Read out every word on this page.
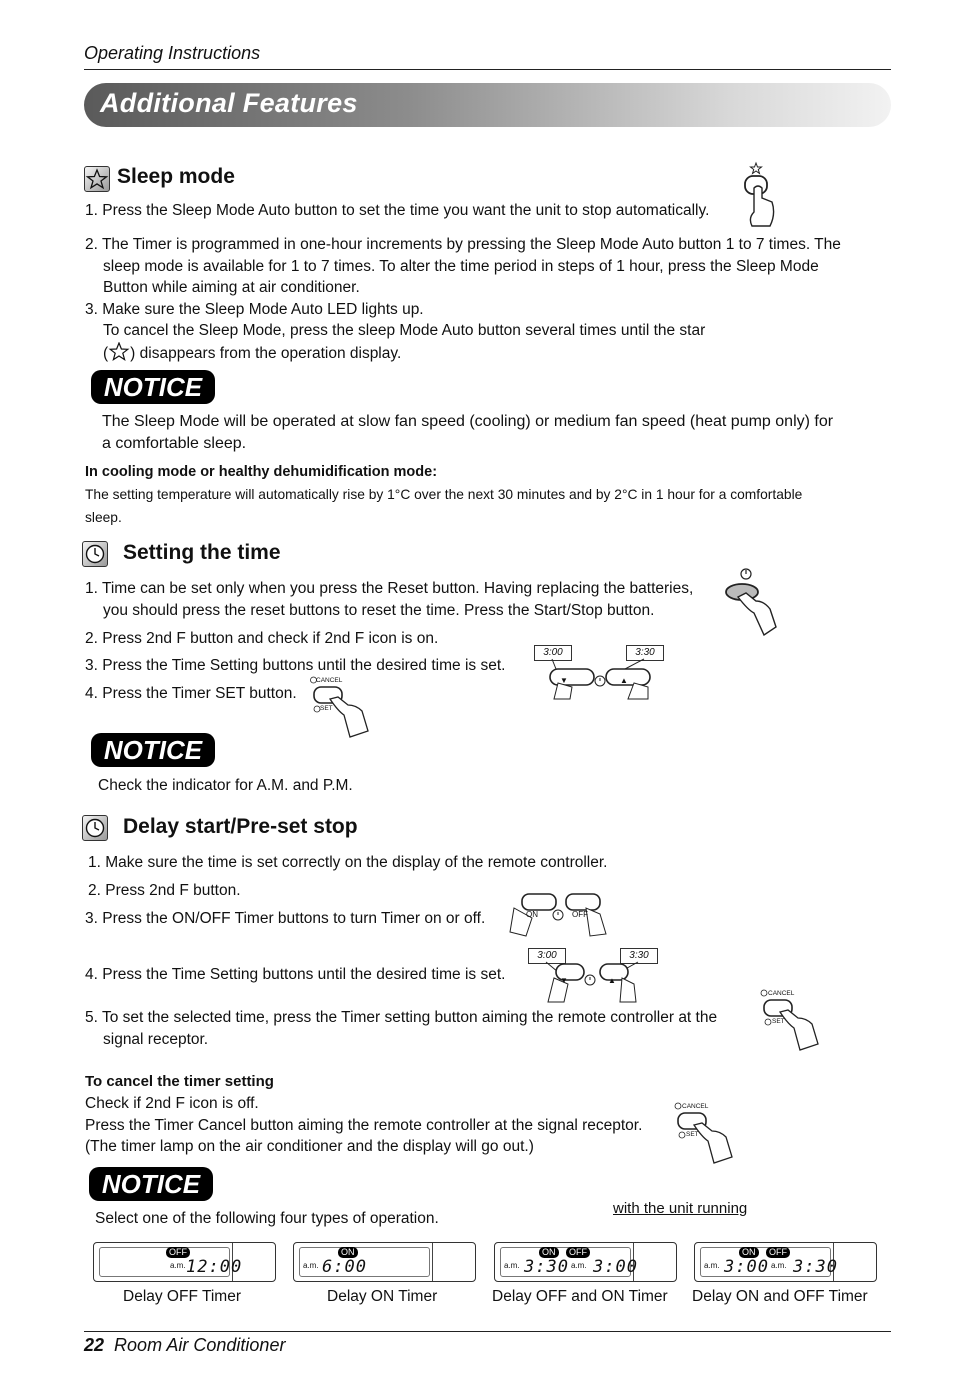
Operating Instructions
Additional Features
Sleep mode
1. Press the Sleep Mode Auto button to set the time you want the unit to stop automatically.
2. The Timer is programmed in one-hour increments by pressing the Sleep Mode Auto button 1 to 7 times. The
sleep mode is available for 1 to 7 times. To alter the time period in steps of 1 hour, press the Sleep Mode
Button while aiming at air conditioner.
3. Make sure the Sleep Mode Auto LED lights up.
To cancel the Sleep Mode, press the sleep Mode Auto button several times until the star
( ) disappears from the operation display.
NOTICE
The Sleep Mode will be operated at slow fan speed (cooling) or medium fan speed (heat pump only) for
a comfortable sleep.
In cooling mode or healthy dehumidification mode:
The setting temperature will automatically rise by 1°C over the next 30 minutes and by 2°C in 1 hour for a comfortable
sleep.
Setting the time
1. Time can be set only when you press the Reset button. Having replacing the batteries,
you should press the reset buttons to reset the time. Press the Start/Stop button.
2. Press 2nd F button and check if 2nd F icon is on.
3. Press the Time Setting buttons until the desired time is set.
4. Press the Timer SET button.
3:00	3:30
▼	▲
CANCEL
SET
NOTICE
Check the indicator for A.M. and P.M.
Delay start/Pre-set stop
1. Make sure the time is set correctly on the display of the remote controller.
2. Press 2nd F button.
3. Press the ON/OFF Timer buttons to turn Timer on or off.	ON	OFF
4. Press the Time Setting buttons until the desired time is set.
3:00	3:30
▼	▲
5. To set the selected time, press the Timer setting button aiming the remote controller at the
signal receptor.
CANCEL
SET
To cancel the timer setting
Check if 2nd F icon is off.
Press the Timer Cancel button aiming the remote controller at the signal receptor.
(The timer lamp on the air conditioner and the display will go out.)
CANCEL
SET
NOTICE
Select one of the following four types of operation.
with the unit running
OFF
a.m. 12:00
Delay OFF Timer
ON
a.m. 6:00
Delay ON Timer
ON	OFF
a.m. 3:30 a.m. 3:00
Delay OFF and ON Timer
ON	OFF
a.m. 3:00 a.m. 3:30
Delay ON and OFF Timer
22 Room Air Conditioner
